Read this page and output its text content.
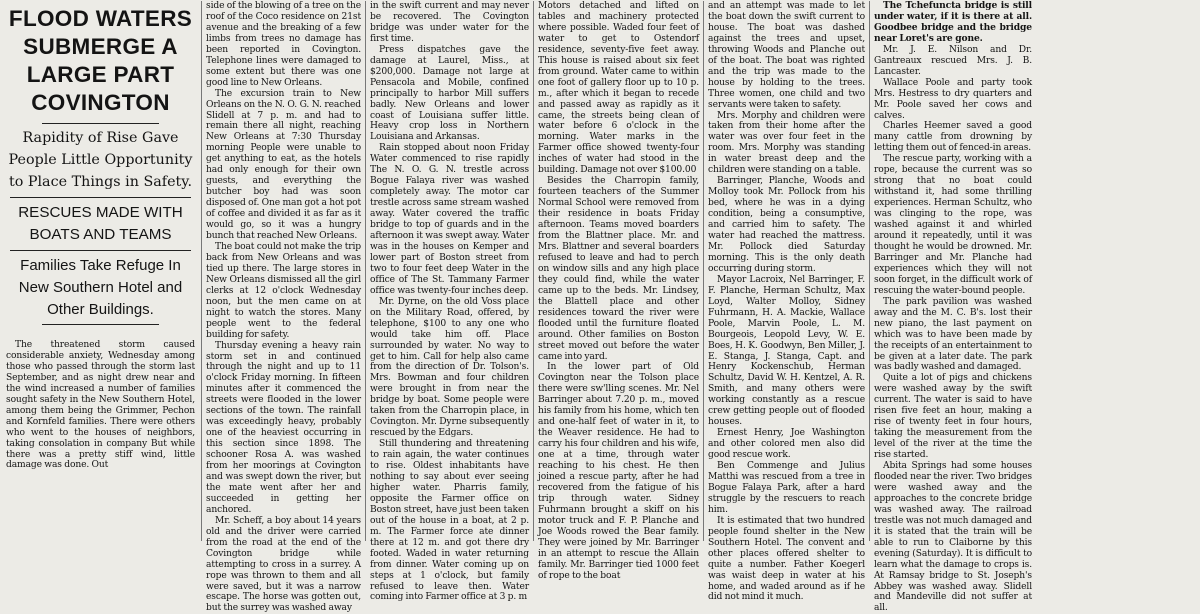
FLOOD WATERS
SUBMERGE A
LARGE PART
COVINGTON

Rapidity of Rise Gave People Little Opportunity to Place Things in Safety.

RESCUES MADE WITH BOATS AND TEAMS

Families Take Refuge In New Southern Hotel and Other Buildings.

The threatened storm caused considerable anxiety, Wednesday among those who passed through the storm last September, and as night drew near and the wind increased a number of families sought safety in the New Southern Hotel, among them being the Grimmer, Pechon and Kornfeld families. There were others who went to the houses of neighbors, taking consolation in company But while there was a pretty stiff wind, little damage was done. Out

side of the blowing of a tree on the roof of the Coco residence on 21st avenue and the breaking of a few limbs from trees no damage has been reported in Covington. Telephone lines were damaged to some extent but there was one good line to New Orleans.

The excursion train to New Orleans on the N. O. G. N. reached Slidell at 7 p. m. and had to remain there all night, reaching New Orleans at 7:30 Thursday morning People were unable to get anything to eat, as the hotels had only enough for their own guests, and everything the butcher boy had was soon disposed of. One man got a hot pot of coffee and divided it as far as it would go, so it was a hungry bunch that reached New Orleans.

The boat could not make the trip back from New Orleans and was tied up there. The large stores in New Orleans dismissed all the girl clerks at 12 o'clock Wednesday noon, but the men came on at night to watch the stores. Many people went to the federal building for safety.

Thursday evening a heavy rain storm set in and continued through the night and up to 11 o'clock Friday morning. In fifteen minutes after it commenced the streets were flooded in the lower sections of the town. The rainfall was exceedingly heavy, probably one of the heaviest occurring in this section since 1898. The schooner Rosa A. was washed from her moorings at Covington and was swept down the river, but the mate went after her and succeeded in getting her anchored.

Mr. Scheff, a boy about 14 years old and the driver were carried from the road at the end of the Covington bridge while attempting to cross in a surrey. A rope was thrown to them and all were saved, but it was a narrow escape. The horse was gotten out, but the surrey was washed away

in the swift current and may never be recovered. The Covington bridge was under water for the first time.

Press dispatches gave the damage at Laurel, Miss., at $200,000. Damage not large at Pensacola and Mobile, confined principally to harbor Mill suffers badly. New Orleans and lower coast of Louisiana suffer little. Heavy crop loss in Northern Louisiana and Arkansas.

Rain stopped about noon Friday Water commenced to rise rapidly The N. O. G. N. trestle across Bogue Falaya river was washed completely away. The motor car trestle across same stream washed away. Water covered the traffic bridge to top of guards and in the afternoon it was swept away. Water was in the houses on Kemper and lower part of Boston street from two to four feet deep Water in the office of The St. Tammany Farmer office was twenty-four inches deep.

Mr. Dyrne, on the old Voss place on the Military Road, offered, by telephone, $100 to any one who would take him off. Place surrounded by water. No way to get to him. Call for help also came from the direction of Dr. Tolson's. Mrs. Bowman and four children were brought in from near the bridge by boat. Some people were taken from the Charropin place, in Covington. Mr. Dyrne subsequently rescued by the Edgars.

Still thundering and threatening to rain again, the water continues to rise. Oldest inhabitants have nothing to say about ever seeing higher water. Pharris family, opposite the Farmer office on Boston street, have just been taken out of the house in a boat, at 2 p. m. The Farmer force ate dinner there at 12 m. and got there dry footed. Waded in water returning from dinner. Water coming up on steps at 1 o'clock, but family refused to leave then. Water coming into Farmer office at 3 p. m

Motors detached and lifted on tables and machinery protected where possible. Waded four feet of water to get to Ostendorf residence, seventy-five feet away. This house is raised about six feet from ground. Water came to within one foot of gallery floor up to 10 p. m., after which it began to recede and passed away as rapidly as it came, the streets being clean of water before 6 o'clock in the morning. Water marks in the Farmer office showed twenty-four inches of water had stood in the building. Damage not over $100.00

Besides the Charropin family, fourteen teachers of the Summer Normal School were removed from their residence in boats Friday afternoon. Teams moved boarders from the Blattner place. Mr. and Mrs. Blattner and several boarders refused to leave and had to perch on window sills and any high place they could find, while the water came up to the beds. Mr. Lindsey, the Blattell place and other residences toward the river were flooded until the furniture floated around. Other families on Boston street moved out before the water came into yard.

In the lower part of Old Covington near the Tolson place there were sw'lling scenes. Mr. Nel Barringer about 7.20 p. m., moved his family from his home, which ten and one-half feet of water in it, to the Weaver residence. He had to carry his four children and his wife, one at a time, through water reaching to his chest. He then joined a rescue party, after he had recovered from the fatigue of his trip through water. Sidney Fuhrmann brought a skiff on his motor truck and F. P. Planche and Joe Woods rowed the Bear family. They were joined by Mr. Barringer in an attempt to rescue the Allain family. Mr. Barringer tied 1000 feet of rope to the boat

and an attempt was made to let the boat down the swift current to house. The boat was dashed against the trees and upset, throwing Woods and Planche out of the boat. The boat was righted and the trip was made to the house by holding to the trees. Three women, one child and two servants were taken to safety.

Mrs. Morphy and children were taken from their home after the water was over four feet in the room. Mrs. Morphy was standing in water breast deep and the children were standing on a table.

Barringer, Planche, Woods and Molloy took Mr. Pollock from his bed, where he was in a dying condition, being a consumptive, and carried him to safety. The water had reached the mattress. Mr. Pollock died Saturday morning. This is the only death occurring during storm.

Mayor Lacroix, Nel Barringer, F. F. Planche, Herman Schultz, Max Loyd, Walter Molloy, Sidney Fuhrmann, H. A. Mackie, Wallace Poole, Marvin Poole, L. M. Bourgeois, Leopold Levy, W. E. Boes, H. K. Goodwyn, Ben Miller, J. E. Stanga, J. Stanga, Capt. and Henry Kockenschub, Herman Schultz, David W. H. Kentzel, A. R. Smith, and many others were working constantly as a rescue crew getting people out of flooded houses.

Ernest Henry, Joe Washington and other colored men also did good rescue work.

Ben Commenge and Julius Matthi was rescued from a tree in Bogue Falaya Park, after a hard struggle by the rescuers to reach him.

It is estimated that two hundred people found shelter in the New Southern Hotel. The convent and other places offered shelter to quite a number. Father Koegerl was waist deep in water at his home, and waded around as if he did not mind it much.

The Tchefuncta bridge is still under water, if it is there at all. Goodbee bridge and the bridge near Loret's are gone.

Mr. J. E. Nilson and Dr. Gantreaux rescued Mrs. J. B. Lancaster.

Wallace Poole and party took Mrs. Hestress to dry quarters and Mr. Poole saved her cows and calves.

Charles Heemer saved a good many cattle from drowning by letting them out of fenced-in areas.

The rescue party, working with a rope, because the current was so strong that no boat could withstand it, had some thrilling experiences. Herman Schultz, who was clinging to the rope, was washed against it and whirled around it repeatedly, until it was thought he would be drowned. Mr. Barringer and Mr. Planche had experiences which they will not soon forget, in the difficult work of rescuing the water-bound people.

The park pavilion was washed away and the M. C. B's. lost their new piano, the last payment on which was to have been made by the receipts of an entertainment to be given at a later date. The park was badly washed and damaged.

Quite a lot of pigs and chickens were washed away by the swift current. The water is said to have risen five feet an hour, making a rise of twenty feet in four hours, taking the measurement from the level of the river at the time the rise started.

Abita Springs had some houses flooded near the river. Two bridges were washed away and the approaches to the concrete bridge was washed away. The railroad trestle was not much damaged and it is stated that the train will be able to run to Claiborne by this evening (Saturday). It is difficult to learn what the damage to crops is. At Ramsay bridge to St. Joseph's Abbey was washed away. Slidell and Mandeville did not suffer at all.
